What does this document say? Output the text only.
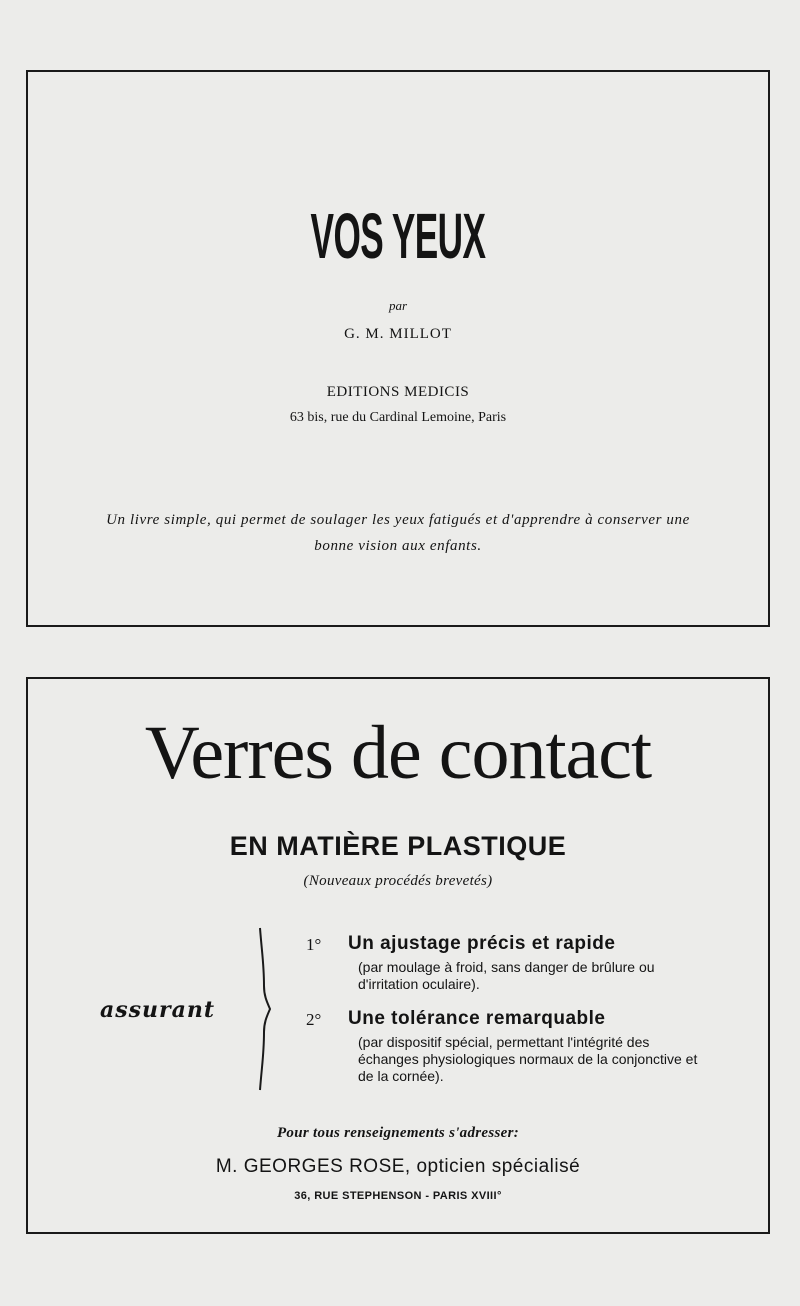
VOS YEUX
par
G. M. MILLOT
EDITIONS MEDICIS
63 bis, rue du Cardinal Lemoine, Paris
Un livre simple, qui permet de soulager les yeux fatigués et d'apprendre à conserver une bonne vision aux enfants.
Verres de contact
EN MATIÈRE PLASTIQUE
(Nouveaux procédés brevetés)
assurant
1° Un ajustage précis et rapide
(par moulage à froid, sans danger de brûlure ou d'irritation oculaire).
2° Une tolérance remarquable
(par dispositif spécial, permettant l'intégrité des échanges physiologiques normaux de la conjonctive et de la cornée).
Pour tous renseignements s'adresser:
M. GEORGES ROSE, opticien spécialisé
36, RUE STEPHENSON - PARIS XVIII°
